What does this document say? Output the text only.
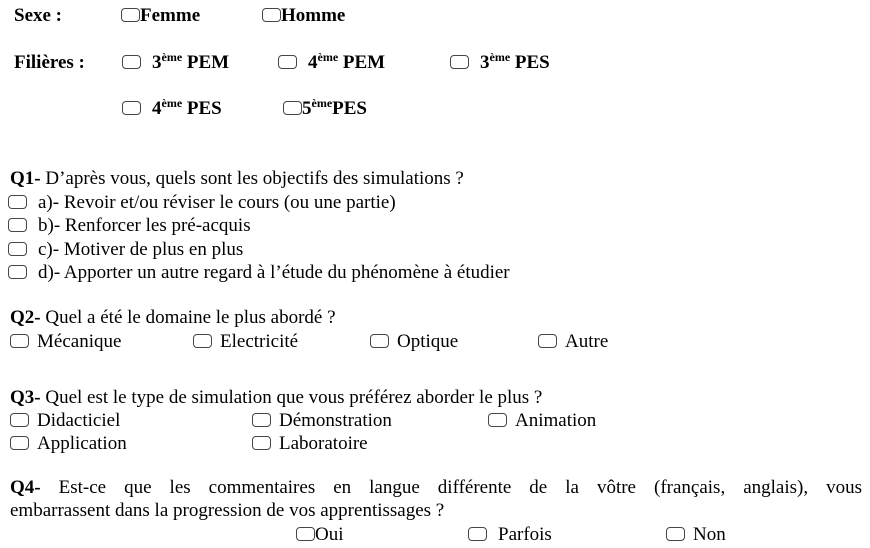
Sexe :	Femme	Homme
Filières :	3ème PEM	4ème PEM	3ème PES
4ème PES	5èmePES
Q1- D’après vous, quels sont les objectifs des simulations ?
a)- Revoir et/ou réviser le cours (ou une partie)
b)- Renforcer les pré-acquis
c)- Motiver de plus en plus
d)- Apporter un autre regard à l’étude du phénomène à étudier
Q2- Quel a été le domaine le plus abordé ?
Mécanique	Electricité	Optique	Autre
Q3- Quel est le type de simulation que vous préférez aborder le plus ?
Didacticiel	Démonstration	Animation
Application	Laboratoire
Q4- Est-ce que les commentaires en langue différente de la vôtre (français, anglais), vous
embarrassent dans la progression de vos apprentissages ?
Oui	Parfois	Non
